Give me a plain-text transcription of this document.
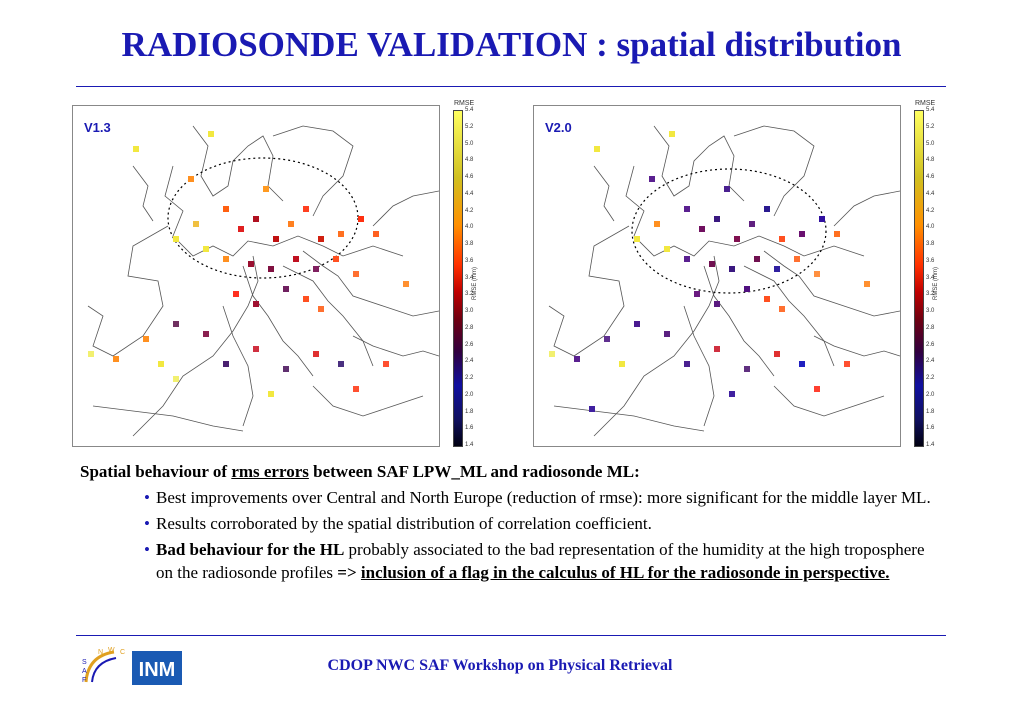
RADIOSONDE VALIDATION : spatial distribution
V1.3
RMSE
5.4
5.2
5.0
4.8
4.6
4.4
4.2
4.0
3.8
3.6
3.4
3.2
3.0
2.8
2.6
2.4
2.2
2.0
1.8
1.6
1.4
RMSE (mm)
V2.0
RMSE
5.4
5.2
5.0
4.8
4.6
4.4
4.2
4.0
3.8
3.6
3.4
3.2
3.0
2.8
2.6
2.4
2.2
2.0
1.8
1.6
1.4
RMSE (mm)
Spatial behaviour of rms errors between SAF LPW_ML and radiosonde ML:
• Best improvements over Central and North Europe (reduction of rmse): more significant for the middle layer ML.
• Results corroborated by the spatial distribution of correlation coefficient.
• Bad behaviour for the HL probably associated to the bad representation of the humidity at the high troposphere on the radiosonde profiles => inclusion of a flag in the calculus of HL for the radiosonde in perspective.
S
A
F
N W C
INM	CDOP NWC SAF Workshop on Physical Retrieval
